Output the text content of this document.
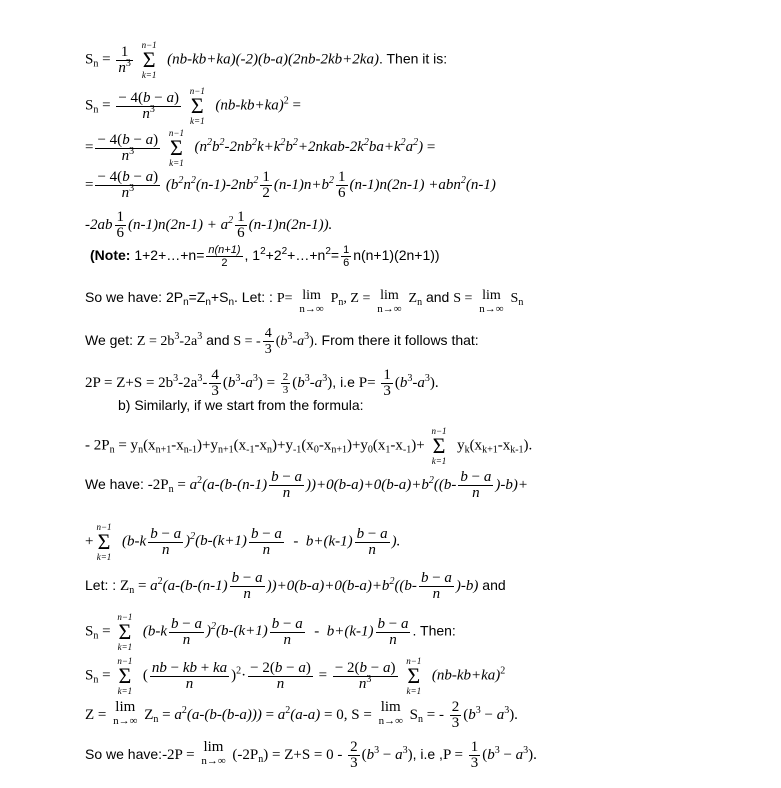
$S_n = \frac{1}{n^3}$
n−1
Σ
k=1
(nb-kb+ka)(-2)(b-a)(2nb-2kb+2ka). Then it is:
$S_n = \frac{- 4(b - a)}{n^3}$
n−1
Σ
k=1
$(nb-kb+ka)^2$ =
= $\frac{- 4(b - a)}{n^3}$
n−1
Σ
k=1
$(n^2b^2-2nb^2k+k^2b^2+2nkab-2k^2ba+k^2a^2)$ =
= $\frac{- 4(b - a)}{n^3} (b^2n^2(n-1)-2nb^2 \frac{1}{2} (n-1)n+b^2 \frac{1}{6} (n-1)n(2n-1) +abn^2(n-1)$
$-2ab \frac{1}{6} (n-1)n(2n-1) + a^2 \frac{1}{6} (n-1)n(2n-1)$).
(Note: 1+2+…+n= $\frac{n(n+1)}{2}$ , $1^2+2^2+\dots+n^2= \frac{1}{6} n(n+1)(2n+1)$)
So we have: $2P_n=Z_n+S_n$. Let: : P= lim
n→∞
$P_n$, Z = lim
n→∞
$Z_n$ and S = lim
n→∞
$S_n$
We get: $Z = 2b^3-2a^3$ and S = - $\frac{4}{3} (b^3-a^3)$. From there it follows that:
$2P = Z+S = 2b^3-2a^3- \frac{4}{3} (b^3-a^3) = \frac{2}{3} (b^3-a^3)$, i.e $P= \frac{1}{3} (b^3-a^3)$.
b) Similarly, if we start from the formula:
- $2P_n = y_n(x_{n+1}-x_{n-1})+y_{n+1}(x_{-1}-x_n)+y_{-1}(x_0-x_{n+1})+y_0(x_1-x_{-1})+$
n−1
Σ
k=1
$y_k(x_{k+1}-x_{k-1})$.
We have: $-2P_n = a^2(a-(b-(n-1) \frac{b - a}{n} ))+0(b-a)+0(b-a)+b^2((b- \frac{b - a}{n} )-b)+$
+
n−1
Σ
k=1
$(b-k \frac{b - a}{n} )^2(b-(k+1) \frac{b - a}{n} - b+(k-1) \frac{b - a}{n}$ ).
Let: : $Z_n = a^2(a-(b-(n-1) \frac{b - a}{n} ))+0(b-a)+0(b-a)+b^2((b- \frac{b - a}{n} )-b)$ and
$S_n$ =
n−1
Σ
k=1
$(b-k \frac{b - a}{n} )^2(b-(k+1) \frac{b - a}{n} - b+(k-1) \frac{b - a}{n}$ . Then:
$S_n$ =
n−1
Σ
k=1
( $\frac{nb - kb + ka}{n} )^2\cdot \frac{- 2(b - a)}{n} = \frac{- 2(b - a)}{n^3}$
n−1
Σ
k=1
$(nb-kb+ka)^2$
Z = lim
n→∞ $Z_n = a^2(a-(b-(b-a))) = a^2(a-a) = 0$, S = lim
n→∞ $S_n$ = - $\frac{2}{3} (b^3 - a^3)$.
So we have:-2P = lim
n→∞ $(-2P_n) = Z+S = 0 - \frac{2}{3} (b^3 - a^3)$, i.e $,P = \frac{1}{3} (b^3 - a^3)$.
